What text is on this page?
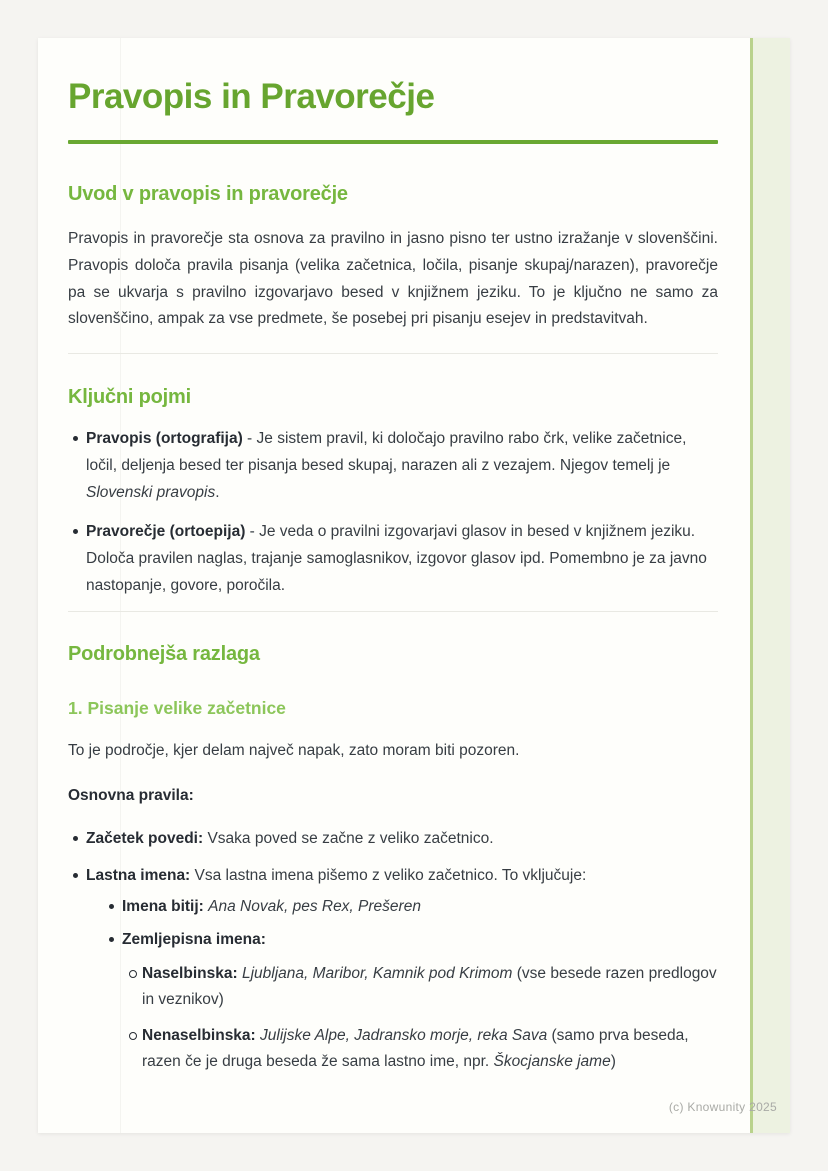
Pravopis in Pravorečje
Uvod v pravopis in pravorečje

Pravopis in pravorečje sta osnova za pravilno in jasno pisno ter ustno izražanje v slovenščini. Pravopis določa pravila pisanja (velika začetnica, ločila, pisanje skupaj/narazen), pravorečje pa se ukvarja s pravilno izgovarjavo besed v knjižnem jeziku. To je ključno ne samo za slovenščino, ampak za vse predmete, še posebej pri pisanju esejev in predstavitvah.

Ključni pojmi
Pravopis (ortografija) - Je sistem pravil, ki določajo pravilno rabo črk, velike začetnice, ločil, deljenja besed ter pisanja besed skupaj, narazen ali z vezajem. Njegov temelj je Slovenski pravopis.
Pravorečje (ortoepija) - Je veda o pravilni izgovarjavi glasov in besed v knjižnem jeziku. Določa pravilen naglas, trajanje samoglasnikov, izgovor glasov ipd. Pomembno je za javno nastopanje, govore, poročila.
Podrobnejša razlaga
1. Pisanje velike začetnice

To je področje, kjer delam največ napak, zato moram biti pozoren.

Osnovna pravila:

Začetek povedi: Vsaka poved se začne z veliko začetnico.
Lastna imena: Vsa lastna imena pišemo z veliko začetnico. To vključuje:
Imena bitij: Ana Novak, pes Rex, Prešeren
Zemljepisna imena:
Naselbinska: Ljubljana, Maribor, Kamnik pod Krimom (vse besede razen predlogov in veznikov)
Nenaselbinska: Julijske Alpe, Jadransko morje, reka Sava (samo prva beseda, razen če je druga beseda že sama lastno ime, npr. Škocjanske jame)
(c) Knowunity 2025
